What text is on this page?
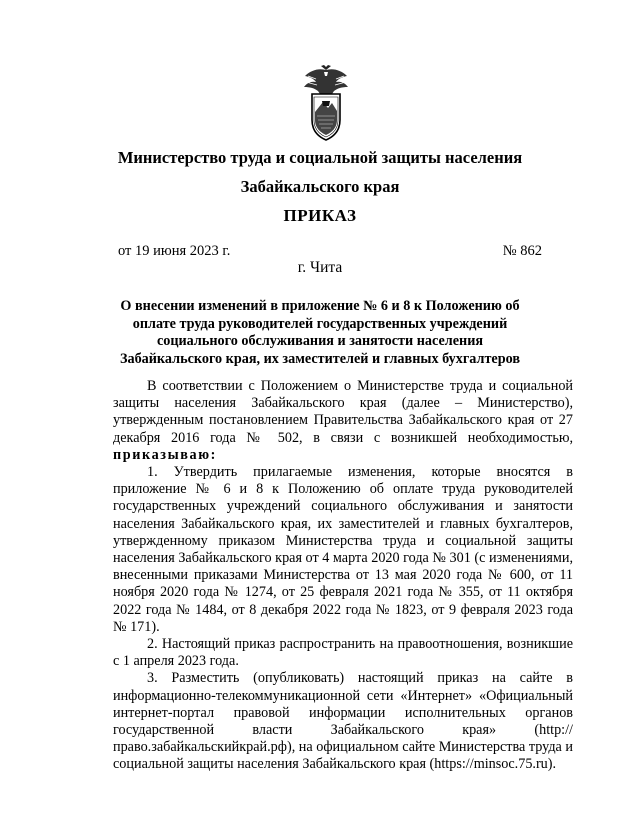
Министерство труда и социальной защиты населения
Забайкальского края
ПРИКАЗ
от 19 июня 2023 г.	№ 862
г. Чита
О внесении изменений в приложение № 6 и 8 к Положению об оплате труда руководителей государственных учреждений социального обслуживания и занятости населения Забайкальского края, их заместителей и главных бухгалтеров

В соответствии с Положением о Министерстве труда и социальной защиты населения Забайкальского края (далее – Министерство), утвержденным постановлением Правительства Забайкальского края от 27 декабря 2016 года № 502, в связи с возникшей необходимостью, приказываю:

1. Утвердить прилагаемые изменения, которые вносятся в приложение № 6 и 8 к Положению об оплате труда руководителей государственных учреждений социального обслуживания и занятости населения Забайкальского края, их заместителей и главных бухгалтеров, утвержденному приказом Министерства труда и социальной защиты населения Забайкальского края от 4 марта 2020 года № 301 (с изменениями, внесенными приказами Министерства от 13 мая 2020 года № 600, от 11 ноября 2020 года № 1274, от 25 февраля 2021 года № 355, от 11 октября 2022 года № 1484, от 8 декабря 2022 года № 1823, от 9 февраля 2023 года № 171).

2. Настоящий приказ распространить на правоотношения, возникшие с 1 апреля 2023 года.

3. Разместить (опубликовать) настоящий приказ на сайте в информационно-телекоммуникационной сети «Интернет» «Официальный интернет-портал правовой информации исполнительных органов государственной власти Забайкальского края» (http://право.забайкальскийкрай.рф), на официальном сайте Министерства труда и социальной защиты населения Забайкальского края (https://minsoc.75.ru).
